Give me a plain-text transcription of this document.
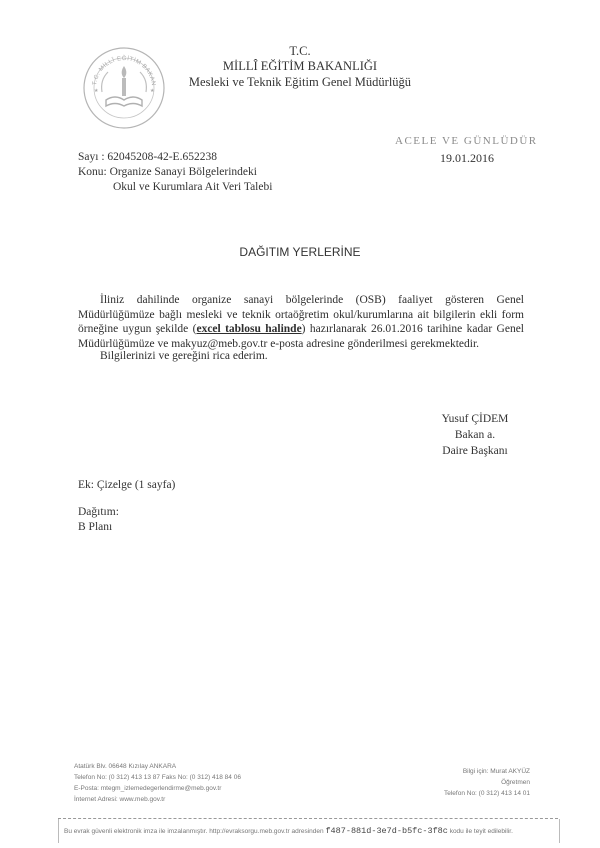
T.C. MİLLÎ EĞİTİM BAKAN
★	★
T.C.
MİLLÎ EĞİTİM BAKANLIĞI
Mesleki ve Teknik Eğitim Genel Müdürlüğü
ACELE VE GÜNLÜDÜR
19.01.2016
Sayı : 62045208-42-E.652238
Konu: Organize Sanayi Bölgelerindeki
Okul ve Kurumlara Ait Veri Talebi
DAĞITIM YERLERİNE
İliniz dahilinde organize sanayi bölgelerinde (OSB) faaliyet gösteren Genel Müdürlüğümüze bağlı mesleki ve teknik ortaöğretim okul/kurumlarına ait bilgilerin ekli form örneğine uygun şekilde (excel tablosu halinde) hazırlanarak 26.01.2016 tarihine kadar Genel Müdürlüğümüze ve makyuz@meb.gov.tr e-posta adresine gönderilmesi gerekmektedir.
Bilgilerinizi ve gereğini rica ederim.
Yusuf ÇİDEM
Bakan a.
Daire Başkanı
Ek: Çizelge (1 sayfa)
Dağıtım:
B Planı
Atatürk Blv. 06648 Kızılay ANKARA
Telefon No: (0 312) 413 13 87 Faks No: (0 312) 418 84 06
E-Posta: mtegm_izlemedegerlendirme@meb.gov.tr
İnternet Adresi: www.meb.gov.tr
Bilgi için: Murat AKYÜZ
Öğretmen
Telefon No: (0 312) 413 14 01
Bu evrak güvenli elektronik imza ile imzalanmıştır. http://evraksorgu.meb.gov.tr adresinden f487-881d-3e7d-b5fc-3f8c kodu ile teyit edilebilir.
